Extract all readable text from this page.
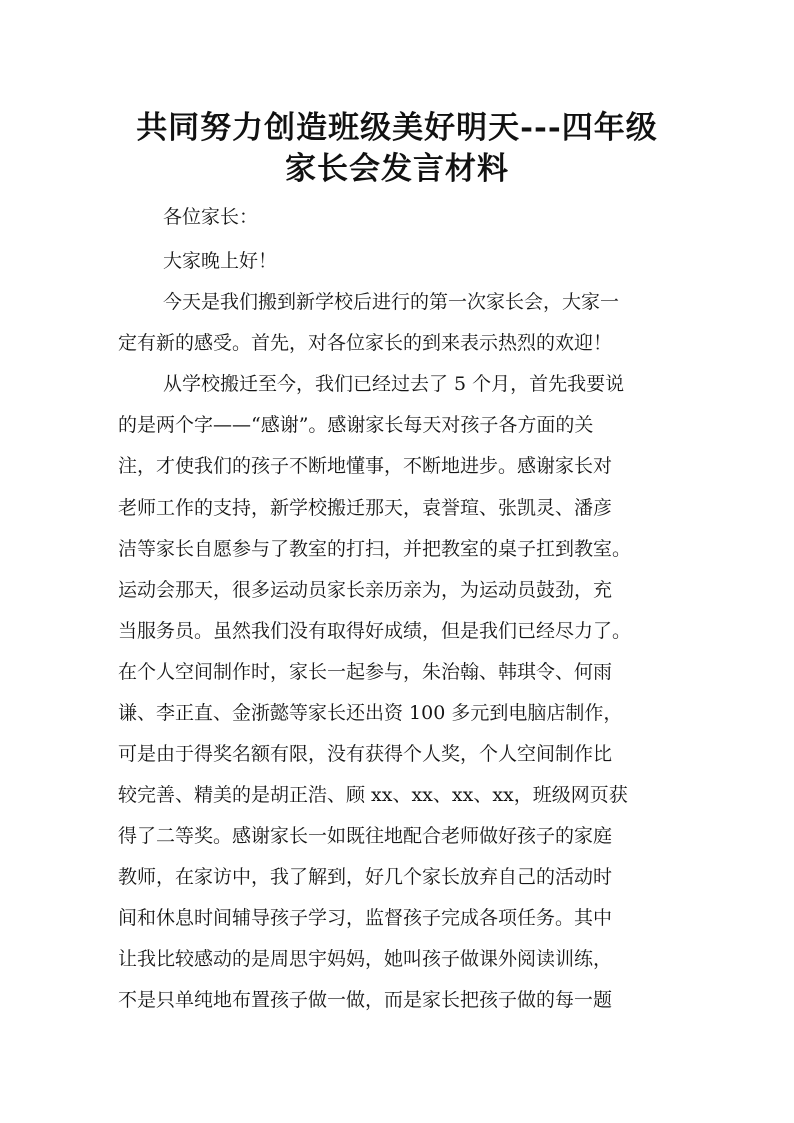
共同努力创造班级美好明天---四年级
家长会发言材料
各位家长：
大家晚上好！
今天是我们搬到新学校后进行的第一次家长会，大家一
定有新的感受。首先，对各位家长的到来表示热烈的欢迎！
从学校搬迁至今，我们已经过去了 5 个月，首先我要说
的是两个字——“感谢”。感谢家长每天对孩子各方面的关
注，才使我们的孩子不断地懂事，不断地进步。感谢家长对
老师工作的支持，新学校搬迁那天，袁誉瑄、张凯灵、潘彦
洁等家长自愿参与了教室的打扫，并把教室的桌子扛到教室。
运动会那天，很多运动员家长亲历亲为，为运动员鼓劲，充
当服务员。虽然我们没有取得好成绩，但是我们已经尽力了。
在个人空间制作时，家长一起参与，朱治翰、韩琪令、何雨
谦、李正直、金浙懿等家长还出资 100 多元到电脑店制作，
可是由于得奖名额有限，没有获得个人奖，个人空间制作比
较完善、精美的是胡正浩、顾 xx、xx、xx、xx，班级网页获
得了二等奖。感谢家长一如既往地配合老师做好孩子的家庭
教师，在家访中，我了解到，好几个家长放弃自己的活动时
间和休息时间辅导孩子学习，监督孩子完成各项任务。其中
让我比较感动的是周思宇妈妈，她叫孩子做课外阅读训练，
不是只单纯地布置孩子做一做，而是家长把孩子做的每一题
